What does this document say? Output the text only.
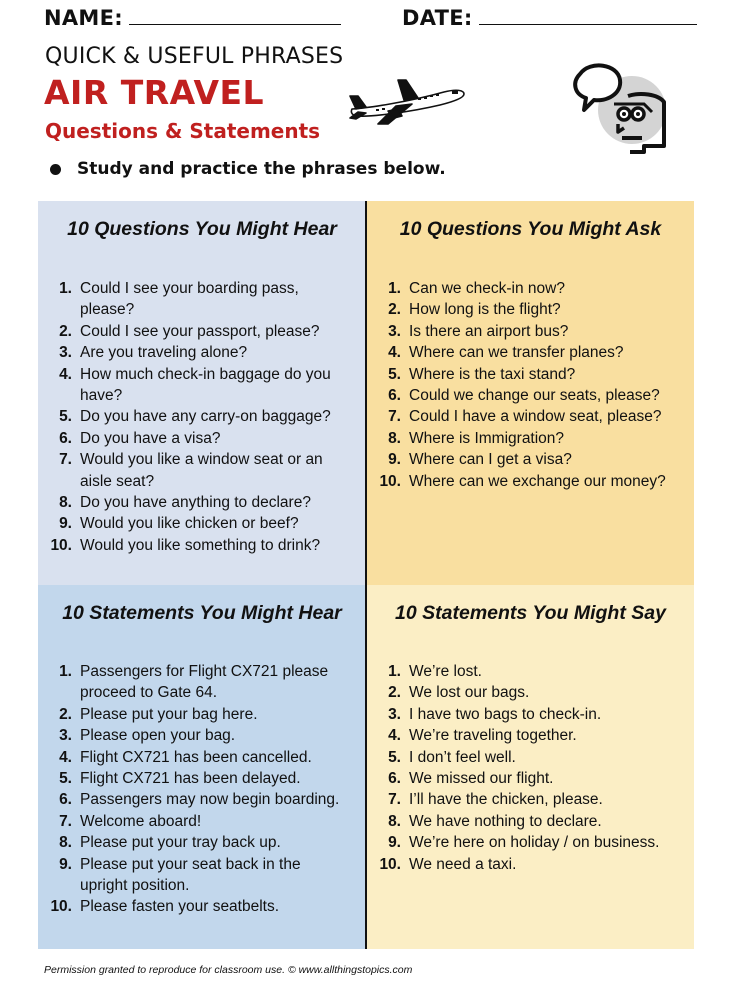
NAME:	DATE:
QUICK & USEFUL PHRASES
AIR TRAVEL
Questions & Statements
Study and practice the phrases below.
10 Questions You Might Hear
1. Could I see your boarding pass, please?
2. Could I see your passport, please?
3. Are you traveling alone?
4. How much check-in baggage do you have?
5. Do you have any carry-on baggage?
6. Do you have a visa?
7. Would you like a window seat or an aisle seat?
8. Do you have anything to declare?
9. Would you like chicken or beef?
10. Would you like something to drink?
10 Questions You Might Ask
1. Can we check-in now?
2. How long is the flight?
3. Is there an airport bus?
4. Where can we transfer planes?
5. Where is the taxi stand?
6. Could we change our seats, please?
7. Could I have a window seat, please?
8. Where is Immigration?
9. Where can I get a visa?
10. Where can we exchange our money?
10 Statements You Might Hear
1. Passengers for Flight CX721 please proceed to Gate 64.
2. Please put your bag here.
3. Please open your bag.
4. Flight CX721 has been cancelled.
5. Flight CX721 has been delayed.
6. Passengers may now begin boarding.
7. Welcome aboard!
8. Please put your tray back up.
9. Please put your seat back in the upright position.
10. Please fasten your seatbelts.
10 Statements You Might Say
1. We’re lost.
2. We lost our bags.
3. I have two bags to check-in.
4. We’re traveling together.
5. I don’t feel well.
6. We missed our flight.
7. I’ll have the chicken, please.
8. We have nothing to declare.
9. We’re here on holiday / on business.
10. We need a taxi.
Permission granted to reproduce for classroom use. © www.allthingstopics.com
